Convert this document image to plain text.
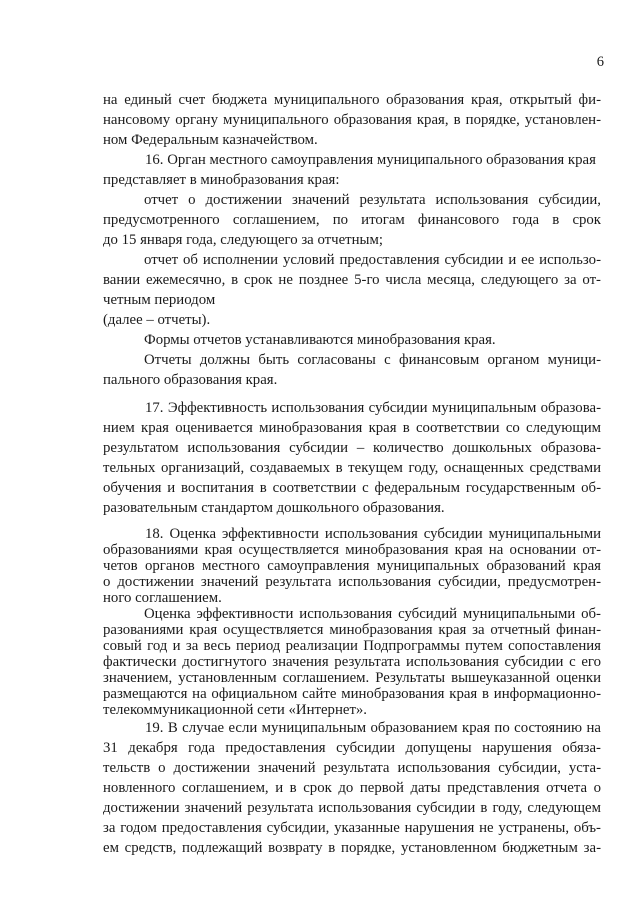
6
на единый счет бюджета муниципального образования края, открытый фи-
нансовому органу муниципального образования края, в порядке, установлен-
ном Федеральным казначейством.
16. Орган местного самоуправления муниципального образования края
представляет в минобразования края:
отчет о достижении значений результата использования субсидии,
предусмотренного соглашением, по итогам финансового года в срок
до 15 января года, следующего за отчетным;
отчет об исполнении условий предоставления субсидии и ее использо-
вании ежемесячно, в срок не позднее 5-го числа месяца, следующего за от-
четным периодом
(далее – отчеты).
Формы отчетов устанавливаются минобразования края.
Отчеты должны быть согласованы с финансовым органом муници-
пального образования края.
17. Эффективность использования субсидии муниципальным образова-
нием края оценивается минобразования края в соответствии со следующим
результатом использования субсидии – количество дошкольных образова-
тельных организаций, создаваемых в текущем году, оснащенных средствами
обучения и воспитания в соответствии с федеральным государственным об-
разовательным стандартом дошкольного образования.
18. Оценка эффективности использования субсидии муниципальными
образованиями края осуществляется минобразования края на основании от-
четов органов местного самоуправления муниципальных образований края
о достижении значений результата использования субсидии, предусмотрен-
ного соглашением.
Оценка эффективности использования субсидий муниципальными об-
разованиями края осуществляется минобразования края за отчетный финан-
совый год и за весь период реализации Подпрограммы путем сопоставления
фактически достигнутого значения результата использования субсидии с его
значением, установленным соглашением. Результаты вышеуказанной оценки
размещаются на официальном сайте минобразования края в информационно-
телекоммуникационной сети «Интернет».
19. В случае если муниципальным образованием края по состоянию на
31 декабря года предоставления субсидии допущены нарушения обяза-
тельств о достижении значений результата использования субсидии, уста-
новленного соглашением, и в срок до первой даты представления отчета о
достижении значений результата использования субсидии в году, следующем
за годом предоставления субсидии, указанные нарушения не устранены, объ-
ем средств, подлежащий возврату в порядке, установленном бюджетным за-
